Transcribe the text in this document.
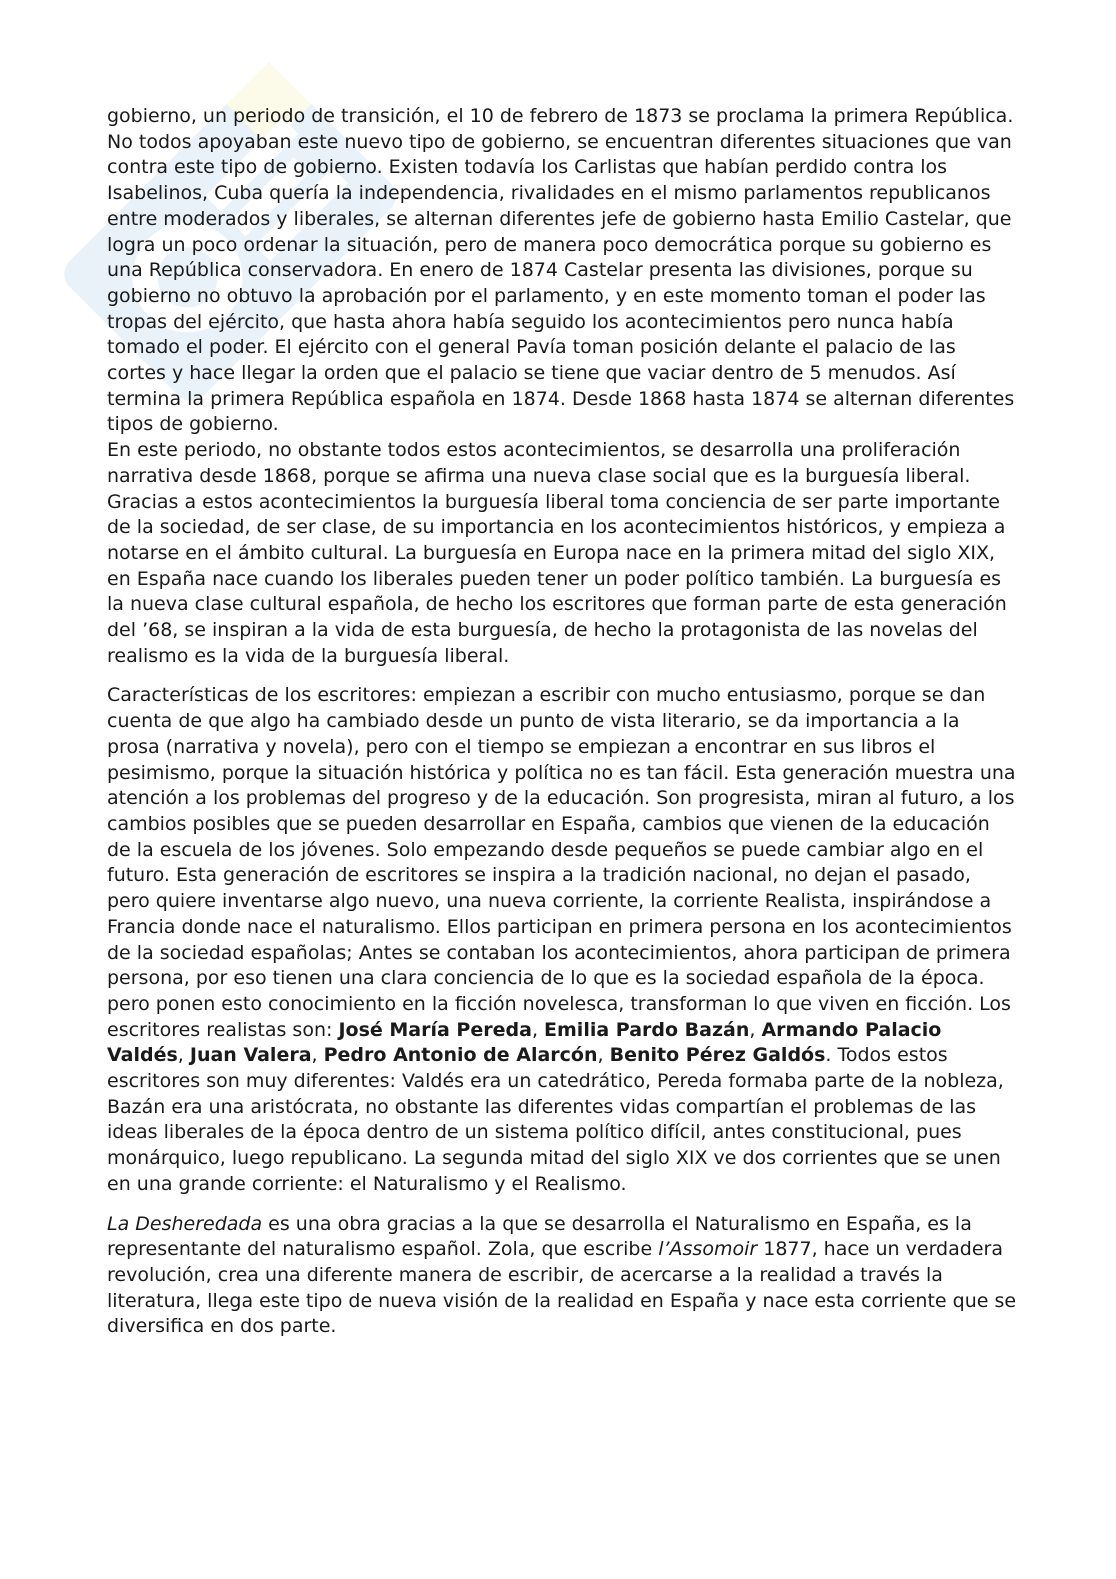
gobierno, un periodo de transición, el 10 de febrero de 1873 se proclama la primera República. No todos apoyaban este nuevo tipo de gobierno, se encuentran diferentes situaciones que van contra este tipo de gobierno. Existen todavía los Carlistas que habían perdido contra los Isabelinos, Cuba quería la independencia, rivalidades en el mismo parlamentos republicanos entre moderados y liberales, se alternan diferentes jefe de gobierno hasta Emilio Castelar, que logra un poco ordenar la situación, pero de manera poco democrática porque su gobierno es una República conservadora. En enero de 1874 Castelar presenta las divisiones, porque su gobierno no obtuvo la aprobación por el parlamento, y en este momento toman el poder las tropas del ejército, que hasta ahora había seguido los acontecimientos pero nunca había tomado el poder. El ejército con el general Pavía toman posición delante el palacio de las cortes y hace llegar la orden que el palacio se tiene que vaciar dentro de 5 menudos. Así termina la primera República española en 1874. Desde 1868 hasta 1874 se alternan diferentes tipos de gobierno.

En este periodo, no obstante todos estos acontecimientos, se desarrolla una proliferación narrativa desde 1868, porque se afirma una nueva clase social que es la burguesía liberal. Gracias a estos acontecimientos la burguesía liberal toma conciencia de ser parte importante de la sociedad, de ser clase, de su importancia en los acontecimientos históricos, y empieza a notarse en el ámbito cultural. La burguesía en Europa nace en la primera mitad del siglo XIX, en España nace cuando los liberales pueden tener un poder político también. La burguesía es la nueva clase cultural española, de hecho los escritores que forman parte de esta generación del ’68, se inspiran a la vida de esta burguesía, de hecho la protagonista de las novelas del realismo es la vida de la burguesía liberal.

Características de los escritores: empiezan a escribir con mucho entusiasmo, porque se dan cuenta de que algo ha cambiado desde un punto de vista literario, se da importancia a la prosa (narrativa y novela), pero con el tiempo se empiezan a encontrar en sus libros el pesimismo, porque la situación histórica y política no es tan fácil. Esta generación muestra una atención a los problemas del progreso y de la educación. Son progresista, miran al futuro, a los cambios posibles que se pueden desarrollar en España, cambios que vienen de la educación de la escuela de los jóvenes. Solo empezando desde pequeños se puede cambiar algo en el futuro. Esta generación de escritores se inspira a la tradición nacional, no dejan el pasado, pero quiere inventarse algo nuevo, una nueva corriente, la corriente Realista, inspirándose a Francia donde nace el naturalismo. Ellos participan en primera persona en los acontecimientos de la sociedad españolas; Antes se contaban los acontecimientos, ahora participan de primera persona, por eso tienen una clara conciencia de lo que es la sociedad española de la época. pero ponen esto conocimiento en la ficción novelesca, transforman lo que viven en ficción. Los escritores realistas son: José María Pereda, Emilia Pardo Bazán, Armando Palacio Valdés, Juan Valera, Pedro Antonio de Alarcón, Benito Pérez Galdós. Todos estos escritores son muy diferentes: Valdés era un catedrático, Pereda formaba parte de la nobleza, Bazán era una aristócrata, no obstante las diferentes vidas compartían el problemas de las ideas liberales de la época dentro de un sistema político difícil, antes constitucional, pues monárquico, luego republicano. La segunda mitad del siglo XIX ve dos corrientes que se unen en una grande corriente: el Naturalismo y el Realismo.

La Desheredada es una obra gracias a la que se desarrolla el Naturalismo en España, es la representante del naturalismo español. Zola, que escribe l’Assomoir 1877, hace un verdadera revolución, crea una diferente manera de escribir, de acercarse a la realidad a través la literatura, llega este tipo de nueva visión de la realidad en España y nace esta corriente que se diversifica en dos parte.
